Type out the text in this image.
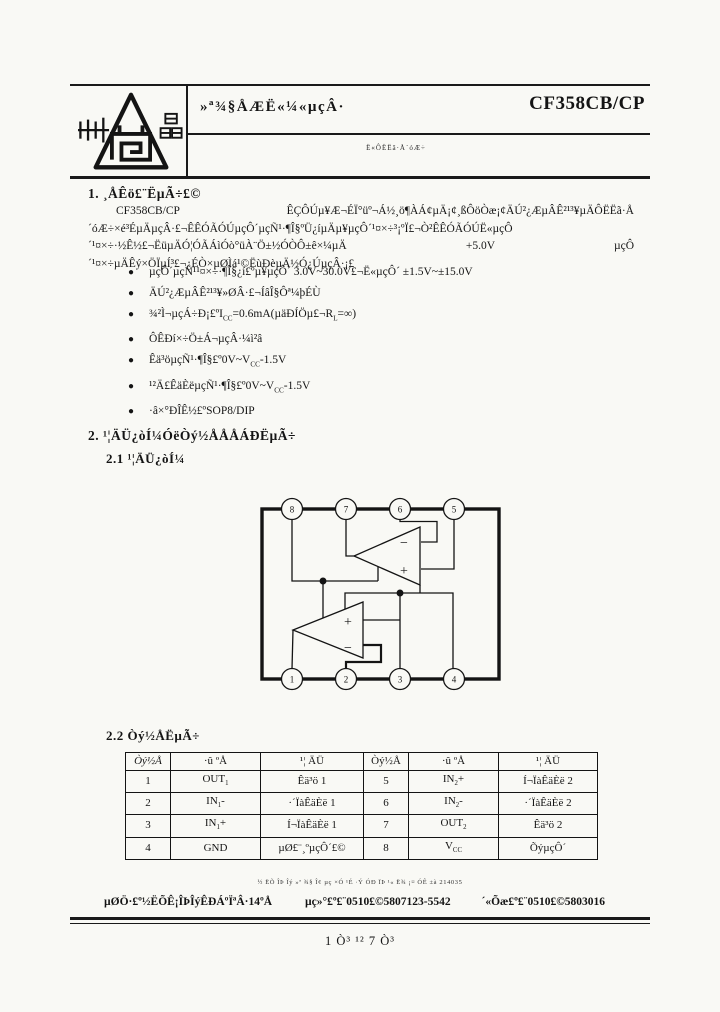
»ª¾§ÅÆË«¼«µçÂ·	CF358CB/CP
Ë«ÔËËã·Å´óÆ÷
1. ¸ÅÊö£¨ËµÃ÷£©
CF358CB/CP ÊÇÔÚµ¥Æ¬ÉÏ°üº¬Á½¸ö¶ÀÁ¢µÄ¡¢¸ßÔöÒæ¡¢ÄÚ²¿ÆµÂÊ²¹³¥µÄÔËËã·Å´óÆ÷×é³ÉµÄµçÂ·£¬ÊÊÓÃÓÚµçÔ´µçÑ¹·¶Î§ºÜ¿íµÄµ¥µçÔ´¹¤×÷³¡ºÏ£¬Ò²ÊÊÓÃÓÚË«µçÔ´¹¤×÷·½Ê½£¬ËüµÄÓ¦ÓÃÁìÓò°üÀ¨Ö±½ÓÒÔ±ê×¼µÄ +5.0V µçÔ´¹¤×÷µÄÊý×ÖÏµÍ³£¬¿ÉÒ×µØÌá¹©ËùÐèµÄ½Ó¿ÚµçÂ·¡£
● µçÔ´µçÑ¹¹¤×÷·¶Î§¿í£ºµ¥µçÔ´ 3.0V~30.0V£¬Ë«µçÔ´ ±1.5V~±15.0V
● ÄÚ²¿ÆµÂÊ²¹³¥»ØÂ·£¬ÍâÎ§Ôª¼þÉÙ
● $\frac{3}{4}^2Ì\neg\mu çÁ\div Ð¡£ºI_{CC}=0.6mA(\mu äÐÍÖ\mu£\neg R_L=\infty)$
● ÔÊÐí×÷Ö±Á¬µçÂ·¼ì²â
● $Êä^3ö\mu çÑ^1\cdot\P Î\S£º0V\sim V_{CC}-1.5V$
● $^{12}Ä£ÊäÈë\mu çÑ^1\cdot\P Î\S£º0V\sim V_{CC}-1.5V$
● ·â×°ÐÎÊ½£ºSOP8/DIP
2. ¹¦ÄÜ¿òÍ¼ÓëÒý½ÅÅÅÁÐËµÃ÷
2.1 ¹¦ÄÜ¿òÍ¼
8	7	6	5
1	2	3	4
−
+
+
−
2.2 Òý½ÅËµÃ÷
Òý½Å	·û ºÅ	¹¦ ÄÜ	Òý½Å	·û ºÅ	¹¦ ÄÜ
1	$OUT_1$	Êä³ö 1	5	$IN_2+$	Í¬ÏàÊäÈë 2
2	$IN_1-$	·´ÏàÊäÈë 1	6	$IN_2-$	·´ÏàÊäÈë 2
3	$IN_1+$	Í¬ÏàÊäÈë 1	7	$OUT_2$	Êä³ö 2
4	GND	µØ£¨¸ºµçÔ´£©	8	$V_{CC}$	ÕýµçÔ´
½ ËÕ ÎÞ Îý »ª ¾§ Î¢ µç ×Ó ¹É ·Ý ÓÐ ÏÞ ¹« Ë¾ ¡¤ ÓÊ ±à 214035
µØÖ·£º½ËÕÊ¡ÎÞÎýÊÐÁºÏªÂ·14ºÅ	µç»°£º£¨0510£©5807123-5542	´«Õæ£º£¨0510£©5803016
1 Ò³ ¹² 7 Ò³
